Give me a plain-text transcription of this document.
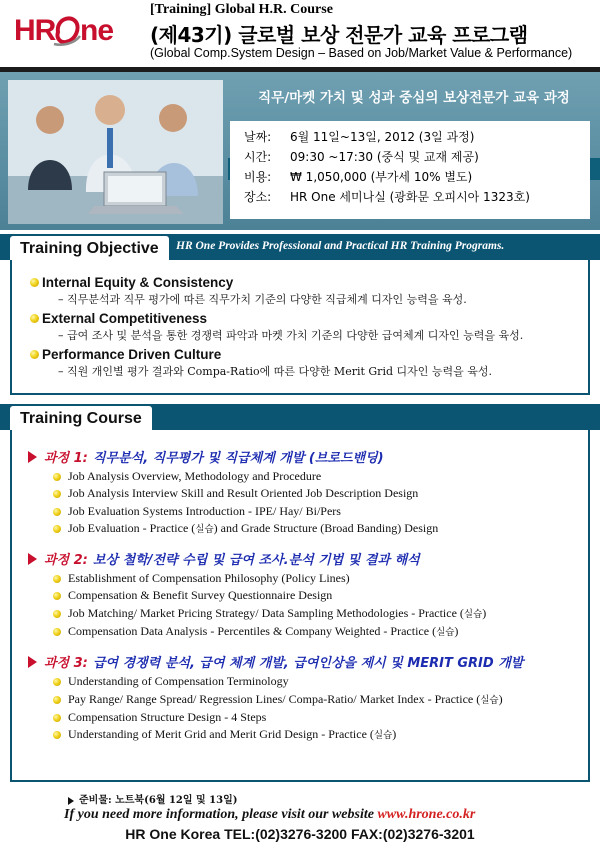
HR ne
[Training] Global H.R. Course
(제43기) 글로벌 보상 전문가 교육 프로그램
(Global Comp.System Design – Based on Job/Market Value & Performance)
직무/마켓 가치 및 성과 중심의 보상전문가 교육 과정
날짜:	6월 11일~13일, 2012 (3일 과정)
시간:	09:30 ~17:30 (중식 및 교재 제공)
비용:	₩ 1,050,000 (부가세 10% 별도)
장소:	HR One 세미나실 (광화문 오피시아 1323호)
Training Objective	HR One Provides Professional and Practical HR Training Programs.
Internal Equity & Consistency
– 직무분석과 직무 평가에 따른 직무가치 기준의 다양한 직급체계 디자인 능력을 육성.
External Competitiveness
– 급여 조사 및 분석을 통한 경쟁력 파악과 마켓 가치 기준의 다양한 급여체계 디자인 능력을 육성.
Performance Driven Culture
– 직원 개인별 평가 결과와 Compa-Ratio에 따른 다양한 Merit Grid 디자인 능력을 육성.
Training Course
과정 1: 직무분석, 직무평가 및 직급체계 개발 (브로드밴딩)
Job Analysis Overview, Methodology and Procedure
Job Analysis Interview Skill and Result Oriented Job Description Design
Job Evaluation Systems Introduction - IPE/ Hay/ Bi/Pers
Job Evaluation - Practice (실습) and Grade Structure (Broad Banding) Design
과정 2: 보상 철학/전략 수립 및 급여 조사.분석 기법 및 결과 해석
Establishment of Compensation Philosophy (Policy Lines)
Compensation & Benefit Survey Questionnaire Design
Job Matching/ Market Pricing Strategy/ Data Sampling Methodologies - Practice (실습)
Compensation Data Analysis - Percentiles & Company Weighted - Practice (실습)
과정 3: 급여 경쟁력 분석, 급여 체계 개발, 급여인상을 제시 및 MERIT GRID 개발
Understanding of Compensation Terminology
Pay Range/ Range Spread/ Regression Lines/ Compa-Ratio/ Market Index - Practice (실습)
Compensation Structure Design - 4 Steps
Understanding of Merit Grid and Merit Grid Design - Practice (실습)
준비물: 노트북(6월 12일 및 13일)
If you need more information, please visit our website www.hrone.co.kr
HR One Korea TEL:(02)3276-3200 FAX:(02)3276-3201
